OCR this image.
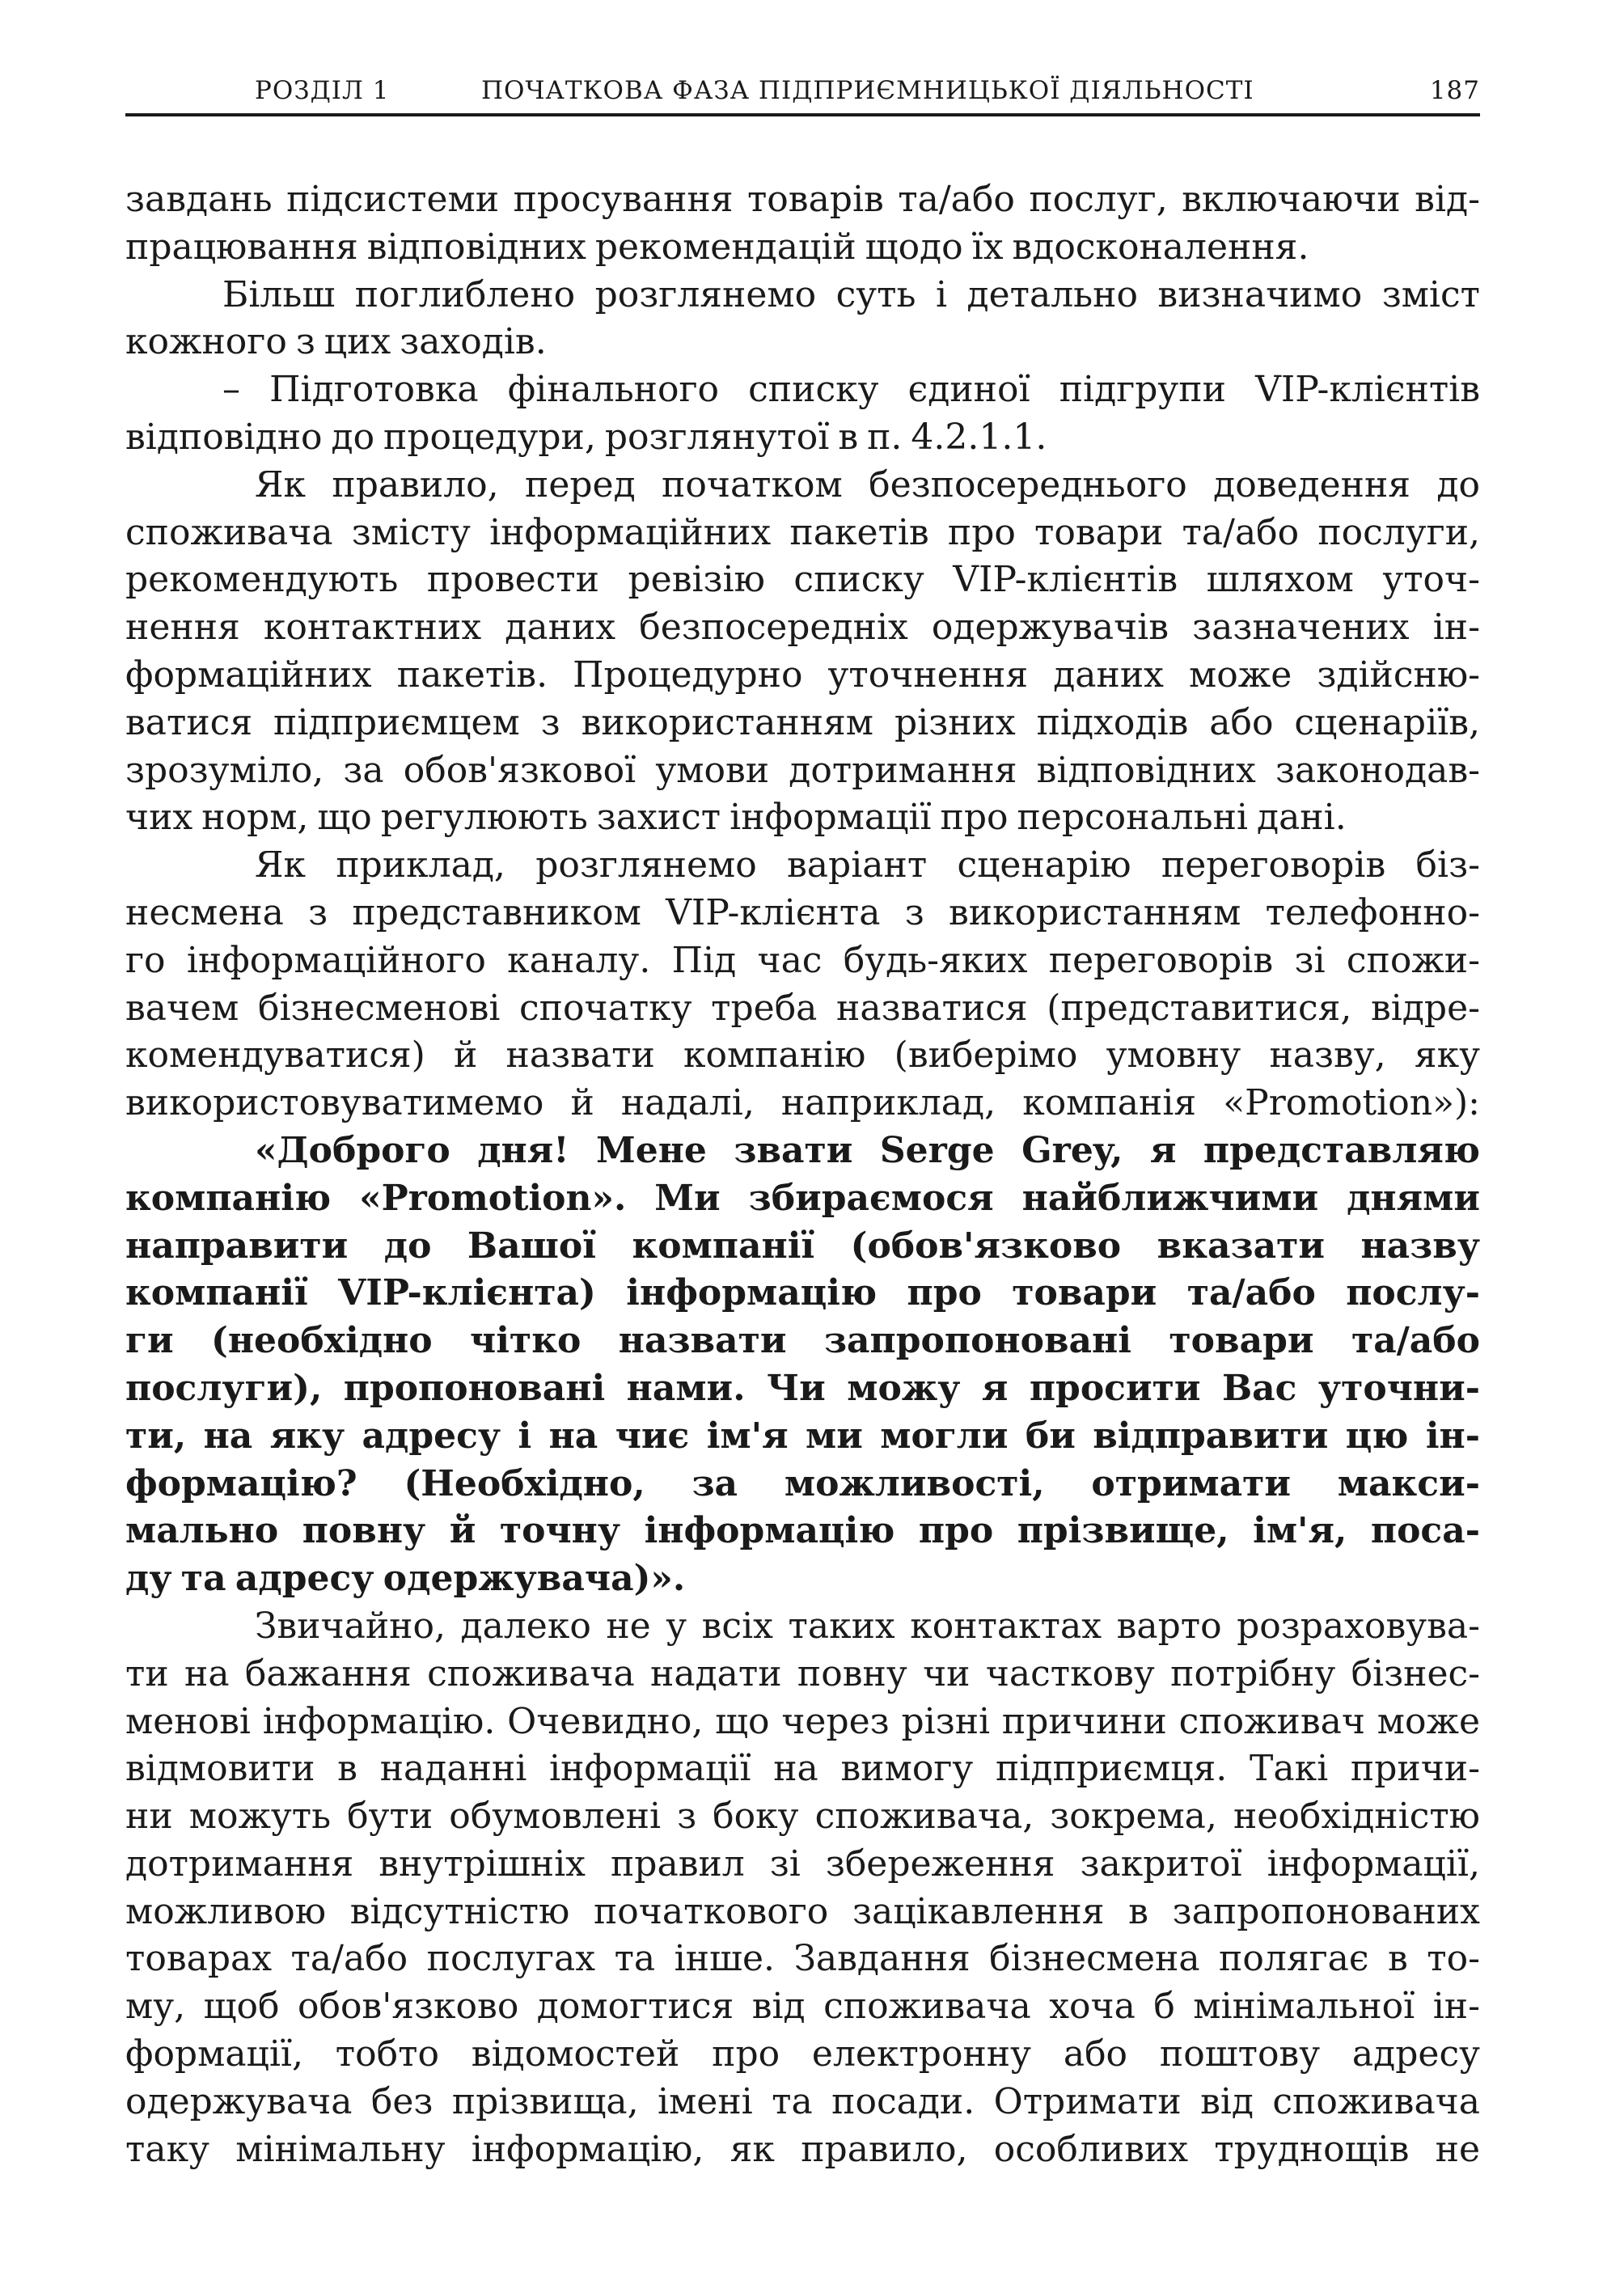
РОЗДІЛ 1	ПОЧАТКОВА ФАЗА ПІДПРИЄМНИЦЬКОЇ ДІЯЛЬНОСТІ	187
завдань підсистеми просування товарів та/або послуг, включаючи від-
працювання відповідних рекомендацій щодо їх вдосконалення.
Більш поглиблено розглянемо суть і детально визначимо зміст
кожного з цих заходів.
– Підготовка фінального списку єдиної підгрупи VIP-клієнтів
відповідно до процедури, розглянутої в п. 4.2.1.1.
Як правило, перед початком безпосереднього доведення до
споживача змісту інформаційних пакетів про товари та/або послуги,
рекомендують провести ревізію списку VIP-клієнтів шляхом уточ-
нення контактних даних безпосередніх одержувачів зазначених ін-
формаційних пакетів. Процедурно уточнення даних може здійсню-
ватися підприємцем з використанням різних підходів або сценаріїв,
зрозуміло, за обов'язкової умови дотримання відповідних законодав-
чих норм, що регулюють захист інформації про персональні дані.
Як приклад, розглянемо варіант сценарію переговорів біз-
несмена з представником VIP-клієнта з використанням телефонно-
го інформаційного каналу. Під час будь-яких переговорів зі спожи-
вачем бізнесменові спочатку треба назватися (представитися, відре-
комендуватися) й назвати компанію (виберімо умовну назву, яку
використовуватимемо й надалі, наприклад, компанія «Promotion»):
«Доброго дня! Мене звати Serge Grey, я представляю
компанію «Promotion». Ми збираємося найближчими днями
направити до Вашої компанії (обов'язково вказати назву
компанії VIP-клієнта) інформацію про товари та/або послу-
ги (необхідно чітко назвати запропоновані товари та/або
послуги), пропоновані нами. Чи можу я просити Вас уточни-
ти, на яку адресу і на чиє ім'я ми могли би відправити цю ін-
формацію? (Необхідно, за можливості, отримати макси-
мально повну й точну інформацію про прізвище, ім'я, поса-
ду та адресу одержувача)».
Звичайно, далеко не у всіх таких контактах варто розраховува-
ти на бажання споживача надати повну чи часткову потрібну бізнес-
менові інформацію. Очевидно, що через різні причини споживач може
відмовити в наданні інформації на вимогу підприємця. Такі причи-
ни можуть бути обумовлені з боку споживача, зокрема, необхідністю
дотримання внутрішніх правил зі збереження закритої інформації,
можливою відсутністю початкового зацікавлення в запропонованих
товарах та/або послугах та інше. Завдання бізнесмена полягає в то-
му, щоб обов'язково домогтися від споживача хоча б мінімальної ін-
формації, тобто відомостей про електронну або поштову адресу
одержувача без прізвища, імені та посади. Отримати від споживача
таку мінімальну інформацію, як правило, особливих труднощів не
